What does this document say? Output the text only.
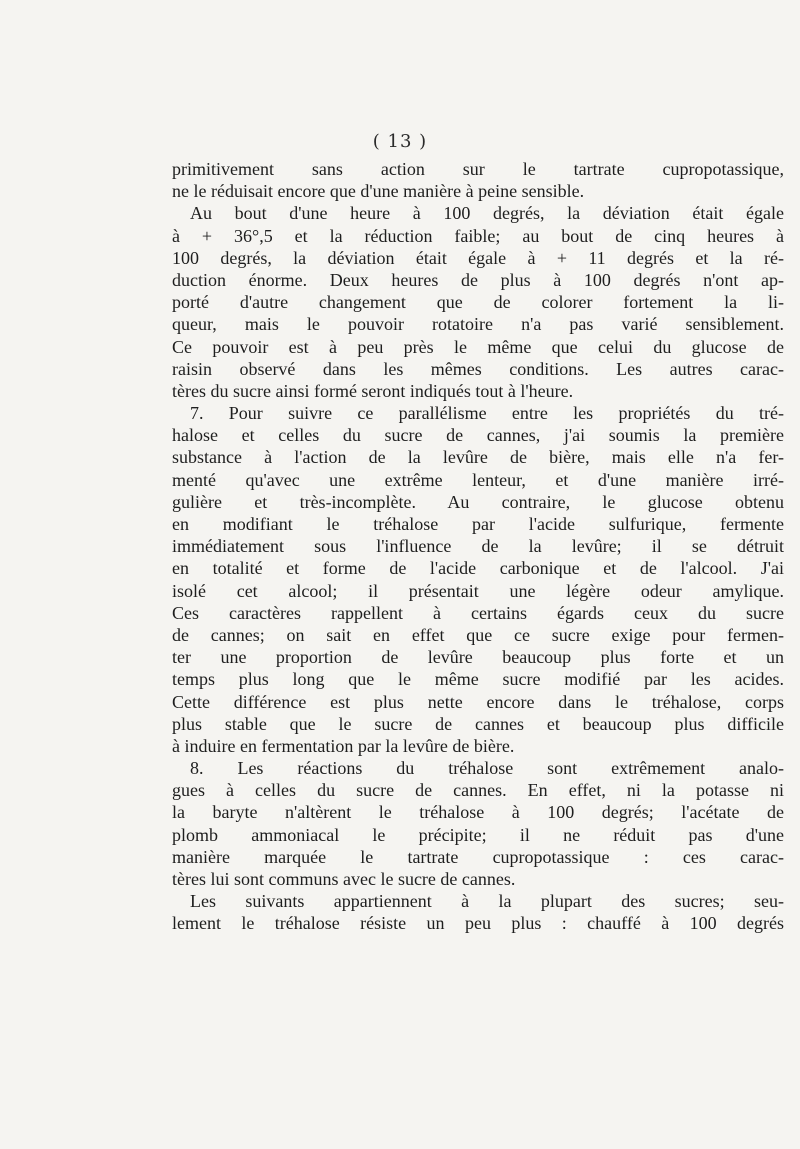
( 13 )
primitivement sans action sur le tartrate cupropotassique,
ne le réduisait encore que d'une manière à peine sensible.
Au bout d'une heure à 100 degrés, la déviation était égale
à + 36°,5 et la réduction faible; au bout de cinq heures à
100 degrés, la déviation était égale à + 11 degrés et la ré-
duction énorme. Deux heures de plus à 100 degrés n'ont ap-
porté d'autre changement que de colorer fortement la li-
queur, mais le pouvoir rotatoire n'a pas varié sensiblement.
Ce pouvoir est à peu près le même que celui du glucose de
raisin observé dans les mêmes conditions. Les autres carac-
tères du sucre ainsi formé seront indiqués tout à l'heure.
7. Pour suivre ce parallélisme entre les propriétés du tré-
halose et celles du sucre de cannes, j'ai soumis la première
substance à l'action de la levûre de bière, mais elle n'a fer-
menté qu'avec une extrême lenteur, et d'une manière irré-
gulière et très-incomplète. Au contraire, le glucose obtenu
en modifiant le tréhalose par l'acide sulfurique, fermente
immédiatement sous l'influence de la levûre; il se détruit
en totalité et forme de l'acide carbonique et de l'alcool. J'ai
isolé cet alcool; il présentait une légère odeur amylique.
Ces caractères rappellent à certains égards ceux du sucre
de cannes; on sait en effet que ce sucre exige pour fermen-
ter une proportion de levûre beaucoup plus forte et un
temps plus long que le même sucre modifié par les acides.
Cette différence est plus nette encore dans le tréhalose, corps
plus stable que le sucre de cannes et beaucoup plus difficile
à induire en fermentation par la levûre de bière.
8. Les réactions du tréhalose sont extrêmement analo-
gues à celles du sucre de cannes. En effet, ni la potasse ni
la baryte n'altèrent le tréhalose à 100 degrés; l'acétate de
plomb ammoniacal le précipite; il ne réduit pas d'une
manière marquée le tartrate cupropotassique : ces carac-
tères lui sont communs avec le sucre de cannes.
Les suivants appartiennent à la plupart des sucres; seu-
lement le tréhalose résiste un peu plus : chauffé à 100 degrés
